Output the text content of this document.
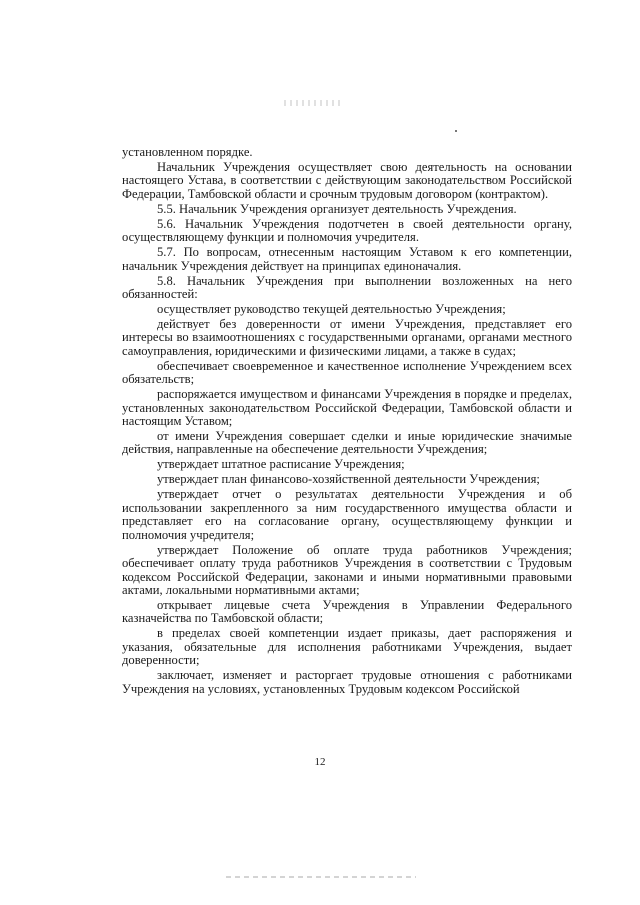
установленном порядке.

Начальник Учреждения осуществляет свою деятельность на основании настоящего Устава, в соответствии с действующим законодательством Российской Федерации, Тамбовской области и срочным трудовым договором (контрактом).

5.5. Начальник Учреждения организует деятельность Учреждения.

5.6. Начальник Учреждения подотчетен в своей деятельности органу, осуществляющему функции и полномочия учредителя.

5.7. По вопросам, отнесенным настоящим Уставом к его компетенции, начальник Учреждения действует на принципах единоначалия.

5.8. Начальник Учреждения при выполнении возложенных на него обязанностей:

осуществляет руководство текущей деятельностью Учреждения;

действует без доверенности от имени Учреждения, представляет его интересы во взаимоотношениях с государственными органами, органами местного самоуправления, юридическими и физическими лицами, а также в судах;

обеспечивает своевременное и качественное исполнение Учреждением всех обязательств;

распоряжается имуществом и финансами Учреждения в порядке и пределах, установленных законодательством Российской Федерации, Тамбовской области и настоящим Уставом;

от имени Учреждения совершает сделки и иные юридические значимые действия, направленные на обеспечение деятельности Учреждения;

утверждает штатное расписание Учреждения;

утверждает план финансово-хозяйственной деятельности Учреждения;

утверждает отчет о результатах деятельности Учреждения и об использовании закрепленного за ним государственного имущества области и представляет его на согласование органу, осуществляющему функции и полномочия учредителя;

утверждает Положение об оплате труда работников Учреждения; обеспечивает оплату труда работников Учреждения в соответствии с Трудовым кодексом Российской Федерации, законами и иными нормативными правовыми актами, локальными нормативными актами;

открывает лицевые счета Учреждения в Управлении Федерального казначейства по Тамбовской области;

в пределах своей компетенции издает приказы, дает распоряжения и указания, обязательные для исполнения работниками Учреждения, выдает доверенности;

заключает, изменяет и расторгает трудовые отношения с работниками Учреждения на условиях, установленных Трудовым кодексом Российской

12
